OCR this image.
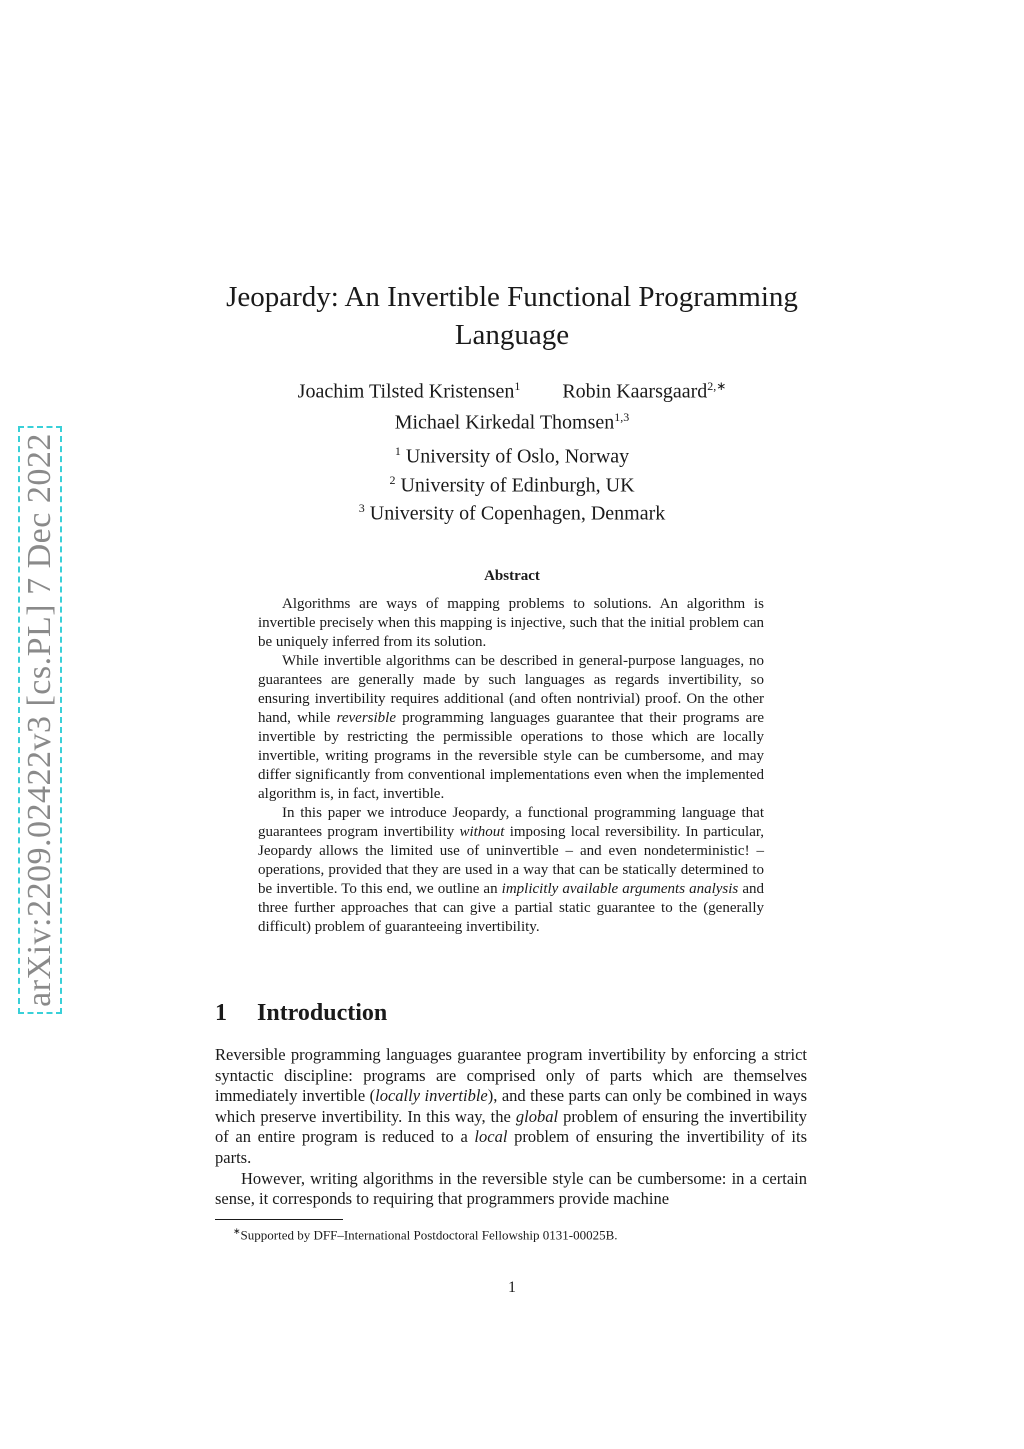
arXiv:2209.02422v3 [cs.PL] 7 Dec 2022
Jeopardy: An Invertible Functional Programming
Language
Joachim Tilsted Kristensen$^1$ Robin Kaarsgaard$^{2,∗}$
Michael Kirkedal Thomsen$^{1,3}$
$^1$ University of Oslo, Norway
$^2$ University of Edinburgh, UK
$^3$ University of Copenhagen, Denmark
Abstract

Algorithms are ways of mapping problems to solutions. An algorithm is invertible precisely when this mapping is injective, such that the initial problem can be uniquely inferred from its solution.

While invertible algorithms can be described in general-purpose languages, no guarantees are generally made by such languages as regards invertibility, so ensuring invertibility requires additional (and often nontrivial) proof. On the other hand, while reversible programming languages guarantee that their programs are invertible by restricting the permissible operations to those which are locally invertible, writing programs in the reversible style can be cumbersome, and may differ significantly from conventional implementations even when the implemented algorithm is, in fact, invertible.

In this paper we introduce Jeopardy, a functional programming language that guarantees program invertibility without imposing local reversibility. In particular, Jeopardy allows the limited use of uninvertible – and even nondeterministic! – operations, provided that they are used in a way that can be statically determined to be invertible. To this end, we outline an implicitly available arguments analysis and three further approaches that can give a partial static guarantee to the (generally difficult) problem of guaranteeing invertibility.

1 Introduction

Reversible programming languages guarantee program invertibility by enforcing a strict syntactic discipline: programs are comprised only of parts which are themselves immediately invertible (locally invertible), and these parts can only be combined in ways which preserve invertibility. In this way, the global problem of ensuring the invertibility of an entire program is reduced to a local problem of ensuring the invertibility of its parts.

However, writing algorithms in the reversible style can be cumbersome: in a certain sense, it corresponds to requiring that programmers provide machine

∗Supported by DFF–International Postdoctoral Fellowship 0131-00025B.
1
